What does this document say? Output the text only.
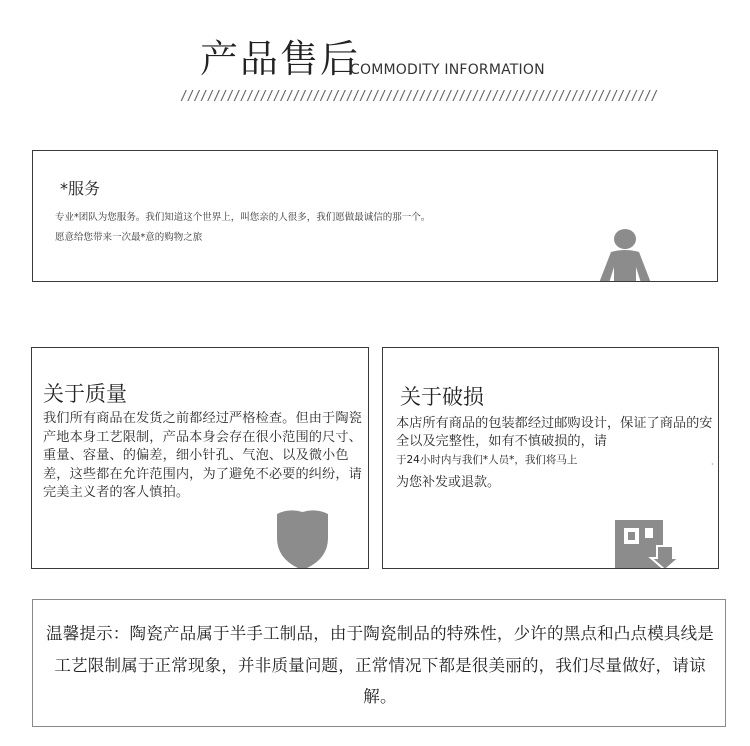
产品售后
COMMODITY INFORMATION
////////////////////////////////////////////////////////////////////////
*服务
专业*团队为您服务。我们知道这个世界上，叫您亲的人很多，我们愿做最诚信的那一个。
愿意给您带来一次最*意的购物之旅
关于质量
我们所有商品在发货之前都经过严格检查。但由于陶瓷产地本身工艺限制，产品本身会存在很小范围的尺寸、重量、容量、的偏差，细小针孔、气泡、以及微小色差，这些都在允许范围内，为了避免不必要的纠纷，请完美主义者的客人慎拍。
关于破损
本店所有商品的包装都经过邮购设计，保证了商品的安全以及完整性，如有不慎破损的，请
于24小时内与我们*人员*，我们将马上	·
为您补发或退款。
温馨提示：陶瓷产品属于半手工制品，由于陶瓷制品的特殊性，少许的黑点和凸点模具线是工艺限制属于正常现象，并非质量问题，正常情况下都是很美丽的，我们尽量做好，请谅解。
